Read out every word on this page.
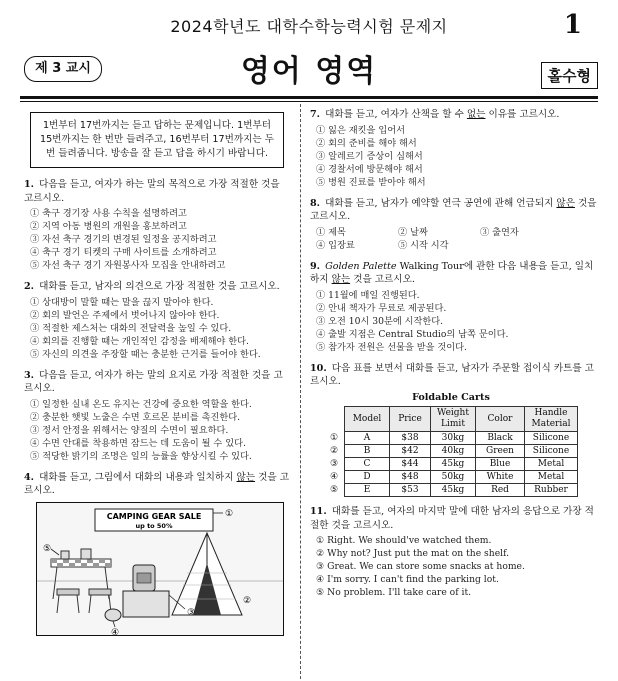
2024학년도 대학수학능력시험 문제지	1
제 3 교시	영어 영역	홀수형
1번부터 17번까지는 듣고 답하는 문제입니다. 1번부터 15번까지는 한 번만 들려주고, 16번부터 17번까지는 두 번 들려줍니다. 방송을 잘 듣고 답을 하시기 바랍니다.
1. 다음을 듣고, 여자가 하는 말의 목적으로 가장 적절한 것을 고르시오.
① 축구 경기장 사용 수칙을 설명하려고
② 지역 아동 병원의 개원을 홍보하려고
③ 자선 축구 경기의 변경된 일정을 공지하려고
④ 축구 경기 티켓의 구매 사이트를 소개하려고
⑤ 자선 축구 경기 자원봉사자 모집을 안내하려고
2. 대화를 듣고, 남자의 의견으로 가장 적절한 것을 고르시오.
① 상대방이 말할 때는 말을 끊지 말아야 한다.
② 회의 발언은 주제에서 벗어나지 않아야 한다.
③ 적절한 제스처는 대화의 전달력을 높일 수 있다.
④ 회의를 진행할 때는 개인적인 감정을 배제해야 한다.
⑤ 자신의 의견을 주장할 때는 충분한 근거를 들어야 한다.
3. 다음을 듣고, 여자가 하는 말의 요지로 가장 적절한 것을 고르시오.
① 일정한 실내 온도 유지는 건강에 중요한 역할을 한다.
② 충분한 햇빛 노출은 수면 호르몬 분비를 촉진한다.
③ 정서 안정을 위해서는 양질의 수면이 필요하다.
④ 수면 안대를 착용하면 잠드는 데 도움이 될 수 있다.
⑤ 적당한 밝기의 조명은 일의 능률을 향상시킬 수 있다.
4. 대화를 듣고, 그림에서 대화의 내용과 일치하지 않는 것을 고르시오.
CAMPING GEAR SALE
up to 50%
①
⑤
②
③
④
7. 대화를 듣고, 여자가 산책을 할 수 없는 이유를 고르시오.
① 잃은 재킷을 입어서
② 회의 준비를 해야 해서
③ 알레르기 증상이 심해서
④ 경찰서에 방문해야 해서
⑤ 병원 진료를 받아야 해서
8. 대화를 듣고, 남자가 예약할 연극 공연에 관해 언급되지 않은 것을 고르시오.
① 제목	② 날짜	③ 출연자
④ 입장료	⑤ 시작 시각
9. Golden Palette Walking Tour에 관한 다음 내용을 듣고, 일치하지 않는 것을 고르시오.
① 11월에 매일 진행된다.
② 안내 책자가 무료로 제공된다.
③ 오전 10시 30분에 시작한다.
④ 출발 지점은 Central Studio의 남쪽 문이다.
⑤ 참가자 전원은 선물을 받을 것이다.
10. 다음 표를 보면서 대화를 듣고, 남자가 주문할 접이식 카트를 고르시오.
Foldable Carts
	Model	Price	Weight Limit	Color	Handle Material
①	A	$38	30kg	Black	Silicone
②	B	$42	40kg	Green	Silicone
③	C	$44	45kg	Blue	Metal
④	D	$48	50kg	White	Metal
⑤	E	$53	45kg	Red	Rubber
11. 대화를 듣고, 여자의 마지막 말에 대한 남자의 응답으로 가장 적절한 것을 고르시오.
① Right. We should've watched them.
② Why not? Just put the mat on the shelf.
③ Great. We can store some snacks at home.
④ I'm sorry. I can't find the parking lot.
⑤ No problem. I'll take care of it.
